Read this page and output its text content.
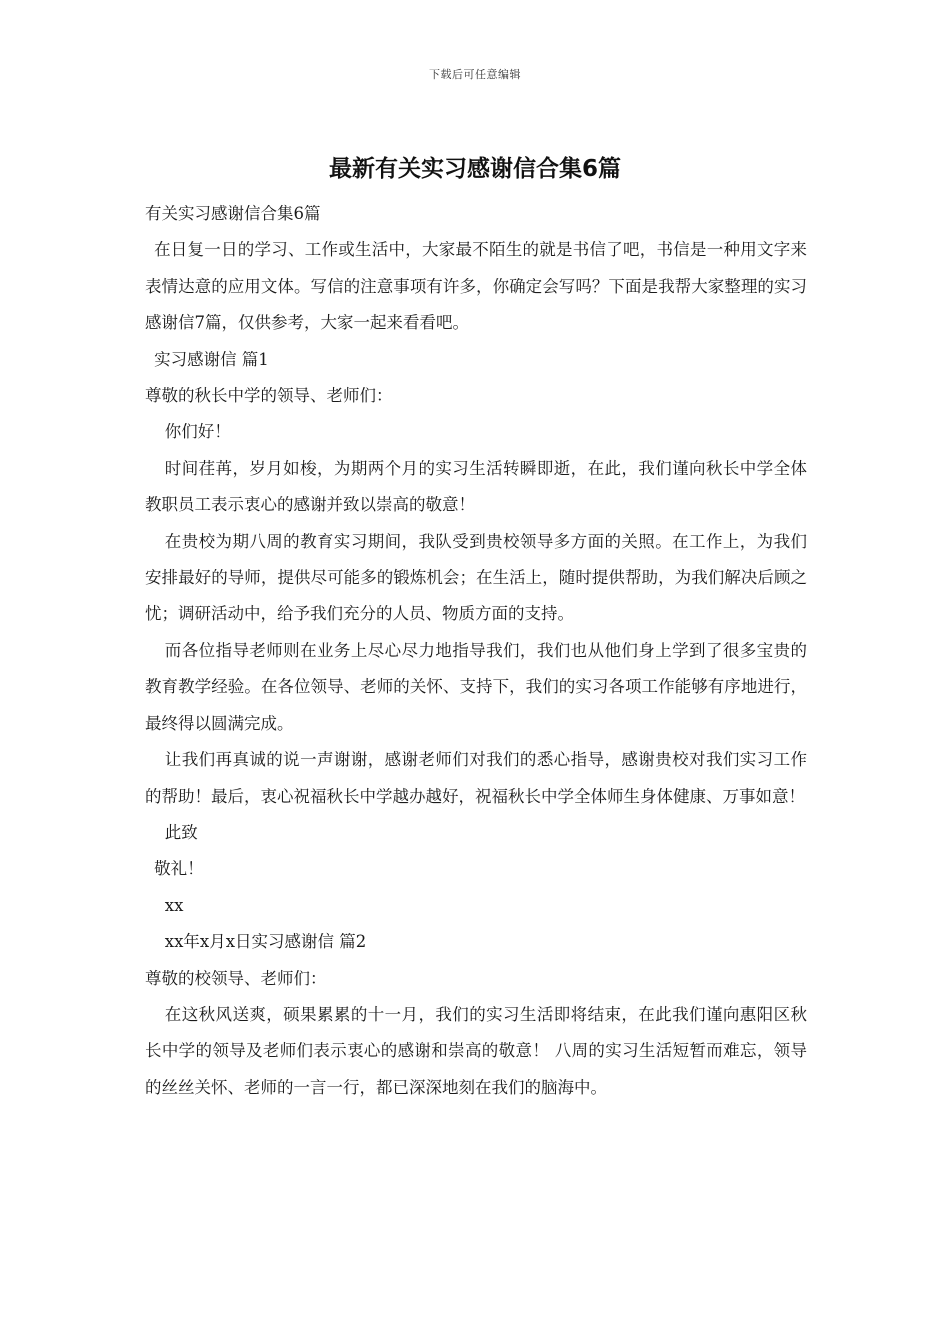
下载后可任意编辑
最新有关实习感谢信合集6篇

有关实习感谢信合集6篇

在日复一日的学习、工作或生活中，大家最不陌生的就是书信了吧，书信是一种用文字来表情达意的应用文体。写信的注意事项有许多，你确定会写吗？下面是我帮大家整理的实习感谢信7篇，仅供参考，大家一起来看看吧。

实习感谢信 篇1

尊敬的秋长中学的领导、老师们：

你们好！

时间荏苒，岁月如梭，为期两个月的实习生活转瞬即逝，在此，我们谨向秋长中学全体教职员工表示衷心的感谢并致以崇高的敬意！

在贵校为期八周的教育实习期间，我队受到贵校领导多方面的关照。在工作上，为我们安排最好的导师，提供尽可能多的锻炼机会；在生活上，随时提供帮助，为我们解决后顾之忧；调研活动中，给予我们充分的人员、物质方面的支持。

而各位指导老师则在业务上尽心尽力地指导我们，我们也从他们身上学到了很多宝贵的教育教学经验。在各位领导、老师的关怀、支持下，我们的实习各项工作能够有序地进行，最终得以圆满完成。

让我们再真诚的说一声谢谢，感谢老师们对我们的悉心指导，感谢贵校对我们实习工作的帮助！最后，衷心祝福秋长中学越办越好，祝福秋长中学全体师生身体健康、万事如意！

此致

敬礼！

xx

xx年x月x日实习感谢信 篇2

尊敬的校领导、老师们：

在这秋风送爽，硕果累累的十一月，我们的实习生活即将结束，在此我们谨向惠阳区秋长中学的领导及老师们表示衷心的感谢和崇高的敬意！ 八周的实习生活短暂而难忘，领导的丝丝关怀、老师的一言一行，都已深深地刻在我们的脑海中。
